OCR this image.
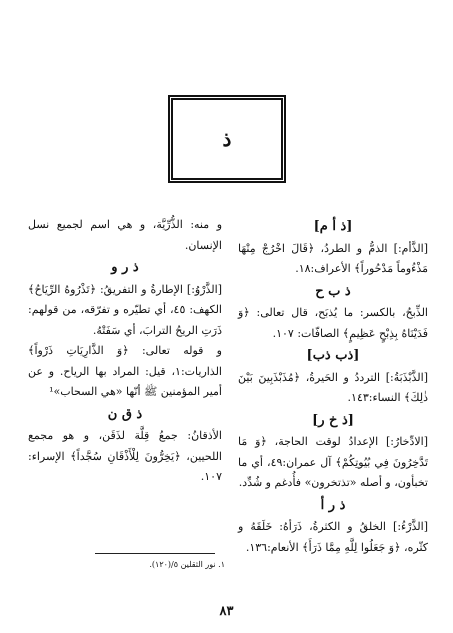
ذ
[ذ أ م]

[الذَّأم:] الذمُّ و الطردُ، ﴿قَالَ اخْرُجْ مِنْهَا مَذْءُوماً مَدْحُوراً﴾ الأعراف:١٨.

ذ ب ح

الذِّبحُ، بالكسر: ما يُذبَح، قال تعالى: ﴿وَ فَدَيْنَاهُ بِذِبْحٍ عَظِيمٍ﴾ الصافّات: ١٠٧.

[ذب ذب]

[الذَّبْذَبَةُ:] الترددُ و الحَيرةُ، ﴿مُذَبْذَبِينَ بَيْنَ ذٰلِكَ﴾ النساء:١٤٣.

[ذ خ ر]

[الادِّخارُ:] الإعدادُ لوقت الحاجة، ﴿وَ مَا تَدَّخِرُونَ فِي بُيُوتِكُمْ﴾ آل عمران:٤٩، أي ما تخبأون، و أصله «تذتخرون» فأُدغم و شُدِّد.

ذ ر أ

[الذَّرْءُ:] الخلقُ و الكثرةُ، ذَرَأهُ: خَلَقَهُ و كثّره، ﴿وَ جَعَلُوا لِلَّهِ مِمَّا ذَرَأَ﴾ الأنعام:١٣٦.

و منه: الذُّرِّيَّة، و هي اسم لجميع نسل الإنسان.

ذ ر و

[الذَّرْوُ:] الإطارةُ و التفريقُ: ﴿تَذْرُوهُ الرِّيَاحُ﴾ الكهف: ٤٥، أي تطيّره و تفرّقه، من قولهم: ذَرَتِ الريحُ الترابَ، أي سَفَتْهُ.

و قوله تعالى: ﴿وَ الذَّارِيَاتِ ذَرْواً﴾ الذاريات:١، قيل: المراد بها الرياح. و عن أمير المؤمنين ﷺ أنّها «هي السحاب»¹

ذ ق ن

الأذقانُ: جمعُ قِلَّة لذَقَن، و هو مجمع اللحيين، ﴿يَخِرُّونَ لِلْأَذْقَانِ سُجَّداً﴾ الإسراء: ١٠٧.

١. نور الثقلين ٥/(١٢٠).
٨٣
